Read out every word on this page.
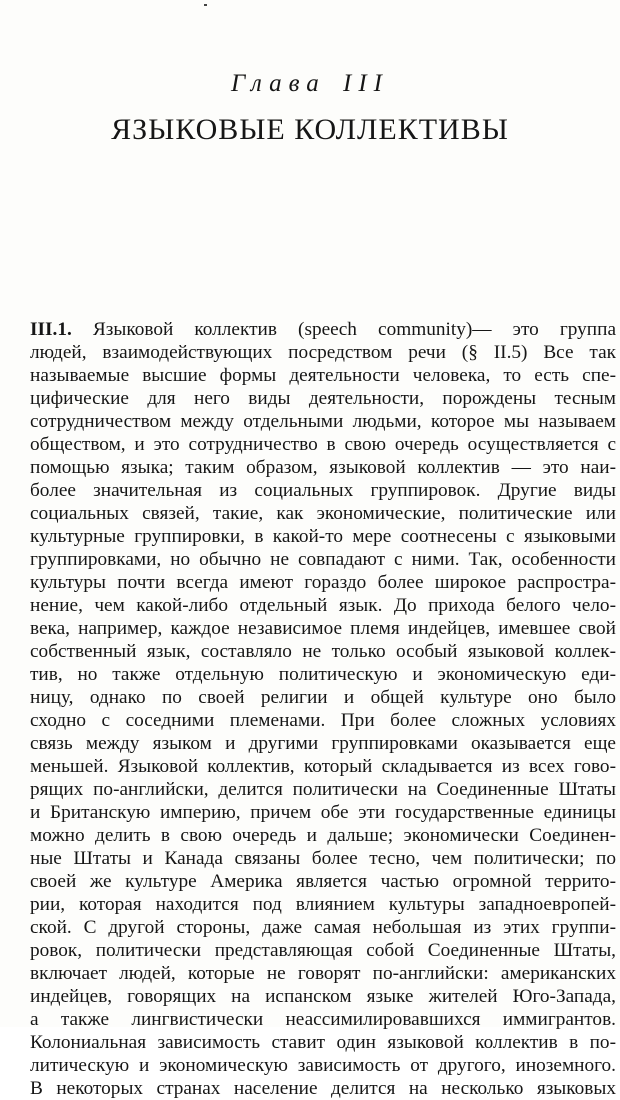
Глава III
ЯЗЫКОВЫЕ КОЛЛЕКТИВЫ
III.1. Языковой коллектив (speech community)— это группа
людей, взаимодействующих посредством речи (§ II.5) Все так
называемые высшие формы деятельности человека, то есть спе-
цифические для него виды деятельности, порождены тесным
сотрудничеством между отдельными людьми, которое мы называем
обществом, и это сотрудничество в свою очередь осуществляется с
помощью языка; таким образом, языковой коллектив — это наи-
более значительная из социальных группировок. Другие виды
социальных связей, такие, как экономические, политические или
культурные группировки, в какой-то мере соотнесены с языковыми
группировками, но обычно не совпадают с ними. Так, особенности
культуры почти всегда имеют гораздо более широкое распростра-
нение, чем какой-либо отдельный язык. До прихода белого чело-
века, например, каждое независимое племя индейцев, имевшее свой
собственный язык, составляло не только особый языковой коллек-
тив, но также отдельную политическую и экономическую еди-
ницу, однако по своей религии и общей культуре оно было
сходно с соседними племенами. При более сложных условиях
связь между языком и другими группировками оказывается еще
меньшей. Языковой коллектив, который складывается из всех гово-
рящих по-английски, делится политически на Соединенные Штаты
и Британскую империю, причем обе эти государственные единицы
можно делить в свою очередь и дальше; экономически Соединен-
ные Штаты и Канада связаны более тесно, чем политически; по
своей же культуре Америка является частью огромной террито-
рии, которая находится под влиянием культуры западноевропей-
ской. С другой стороны, даже самая небольшая из этих группи-
ровок, политически представляющая собой Соединенные Штаты,
включает людей, которые не говорят по-английски: американских
индейцев, говорящих на испанском языке жителей Юго-Запада,
а также лингвистически неассимилировавшихся иммигрантов.
Колониальная зависимость ставит один языковой коллектив в по-
литическую и экономическую зависимость от другого, иноземного.
В некоторых странах население делится на несколько языковых
